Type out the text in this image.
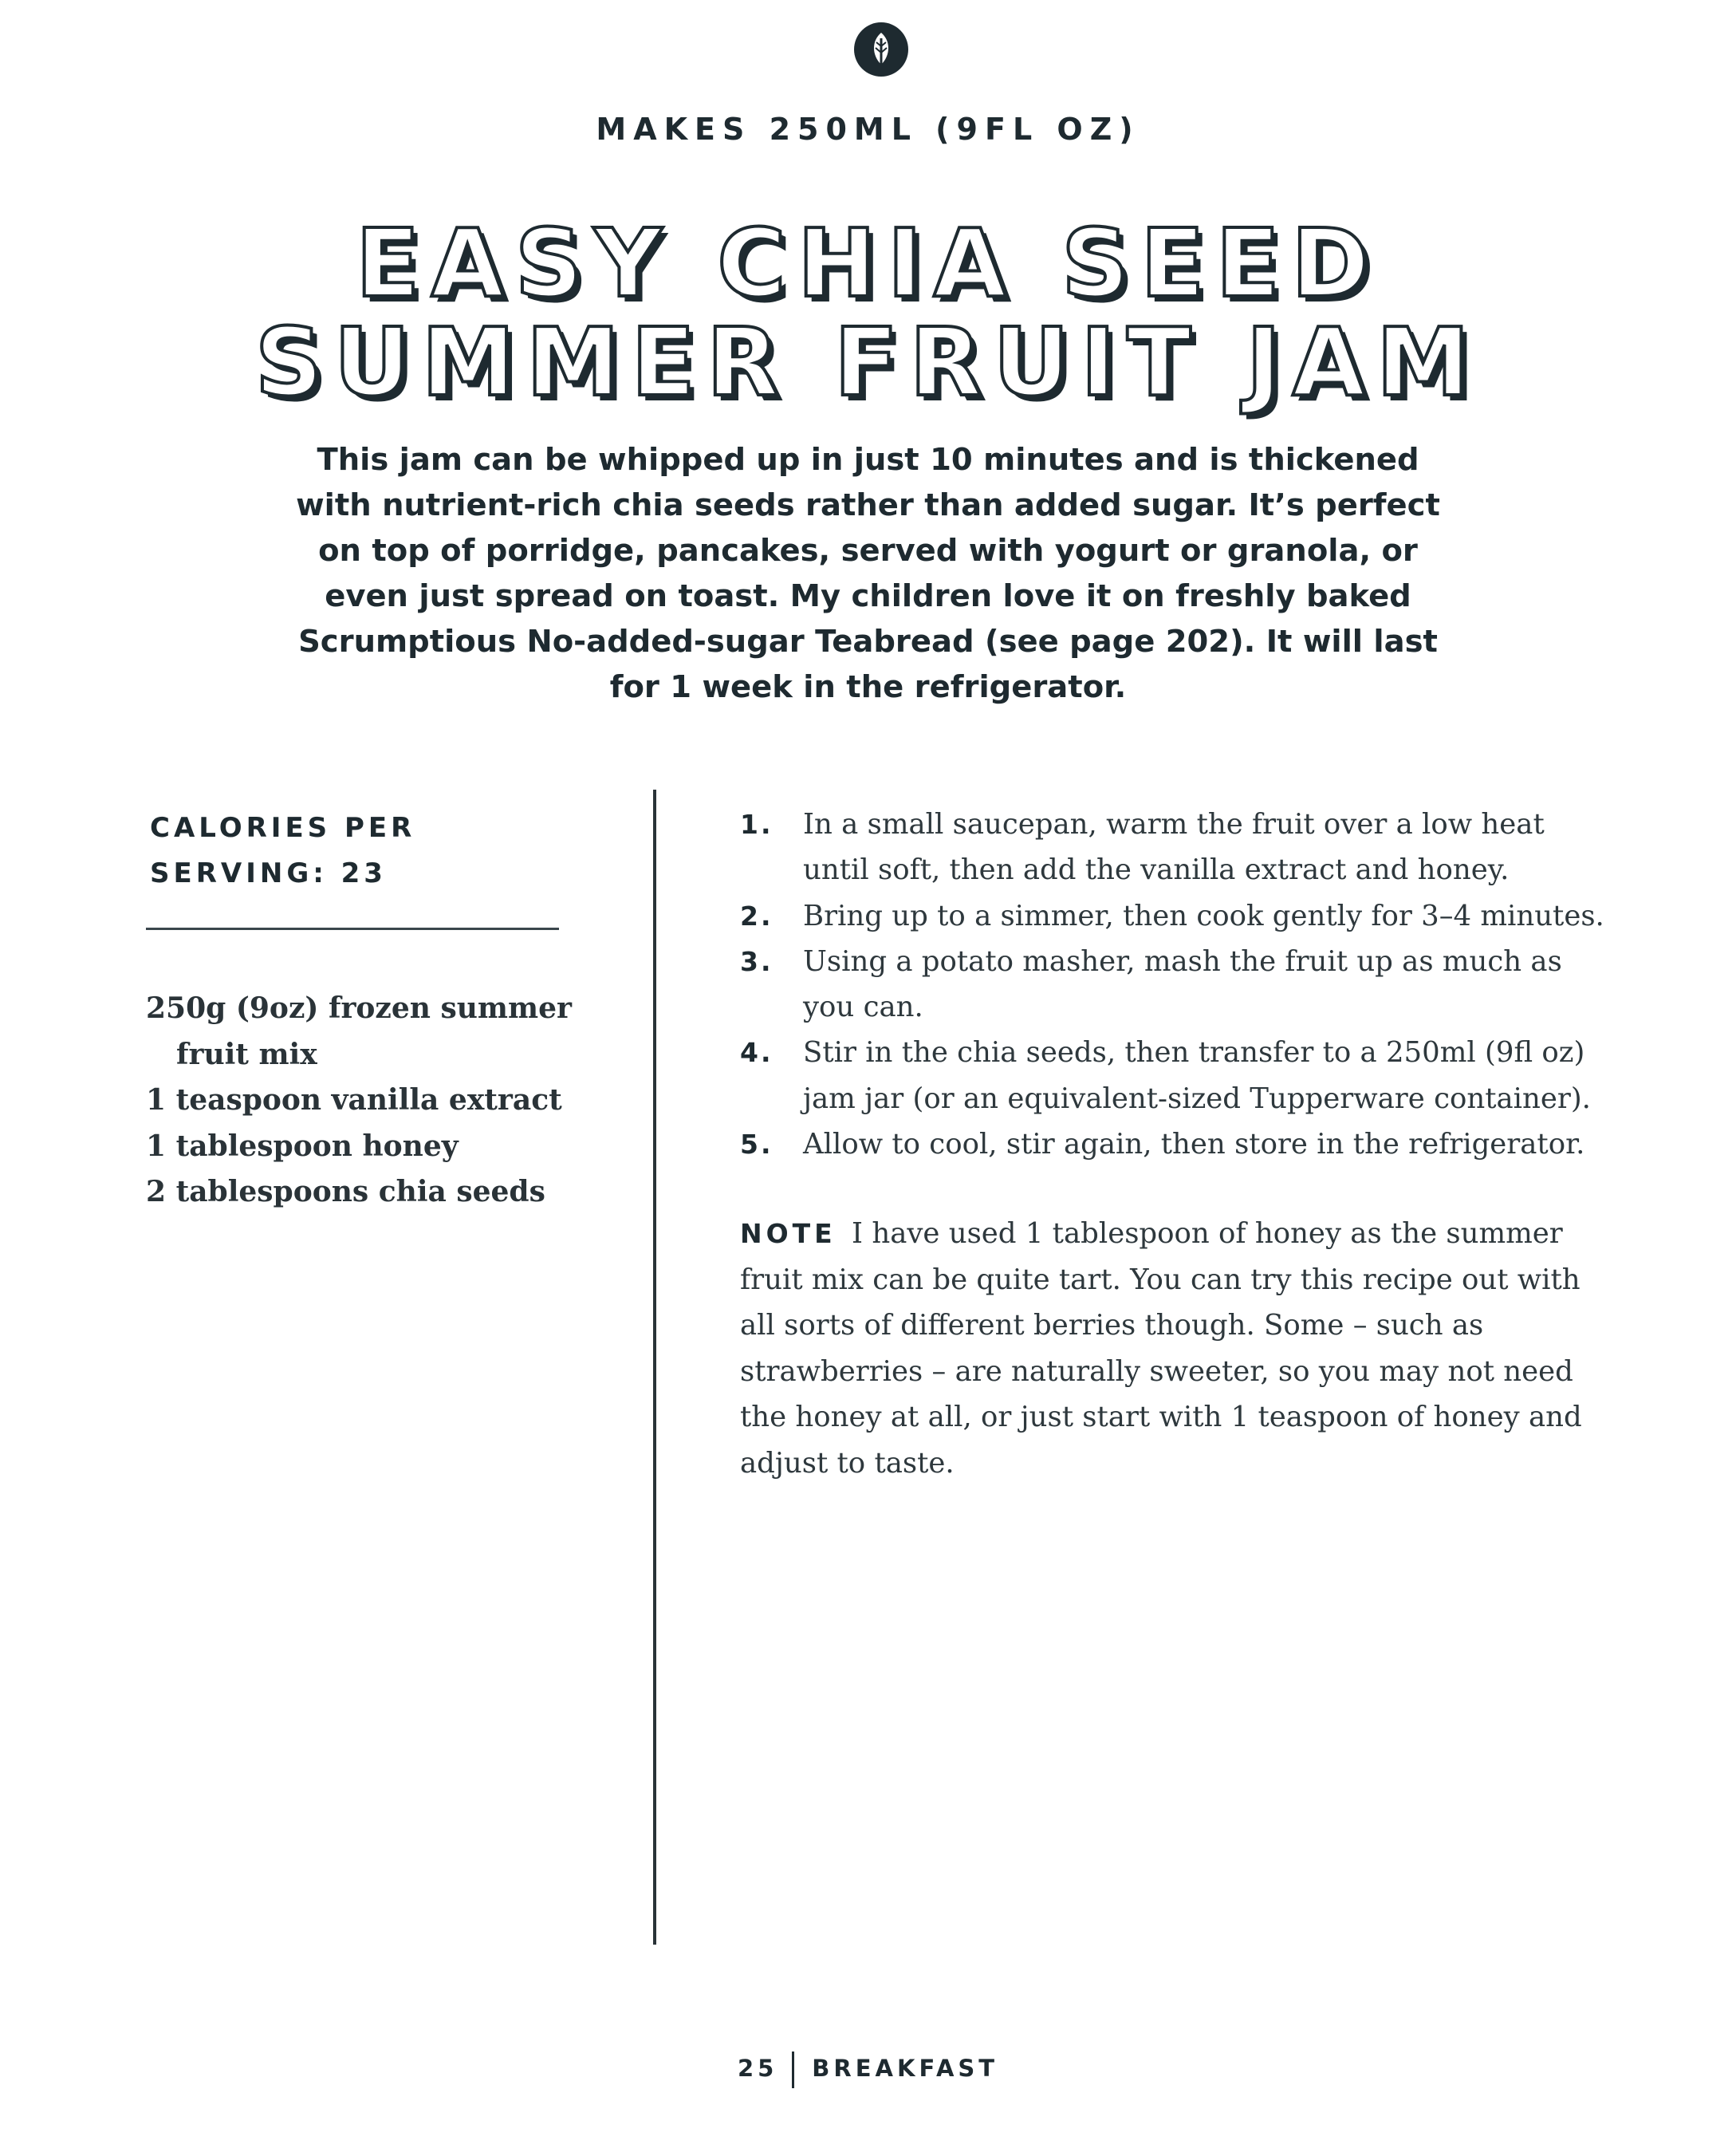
MAKES 250ML (9FL OZ)
EASY CHIA SEED
SUMMER FRUIT JAM
This jam can be whipped up in just 10 minutes and is thickened with nutrient-rich chia seeds rather than added sugar. It’s perfect on top of porridge, pancakes, served with yogurt or granola, or even just spread on toast. My children love it on freshly baked Scrumptious No-added-sugar Teabread (see page 202). It will last for 1 week in the refrigerator.
CALORIES PER
SERVING: 23
250g (9oz) frozen summer fruit mix
1 teaspoon vanilla extract
1 tablespoon honey
2 tablespoons chia seeds
1. In a small saucepan, warm the fruit over a low heat until soft, then add the vanilla extract and honey.
2. Bring up to a simmer, then cook gently for 3–4 minutes.
3. Using a potato masher, mash the fruit up as much as you can.
4. Stir in the chia seeds, then transfer to a 250ml (9fl oz) jam jar (or an equivalent-sized Tupperware container).
5. Allow to cool, stir again, then store in the refrigerator.
NOTE I have used 1 tablespoon of honey as the summer fruit mix can be quite tart. You can try this recipe out with all sorts of different berries though. Some – such as strawberries – are naturally sweeter, so you may not need the honey at all, or just start with 1 teaspoon of honey and adjust to taste.
25 BREAKFAST
